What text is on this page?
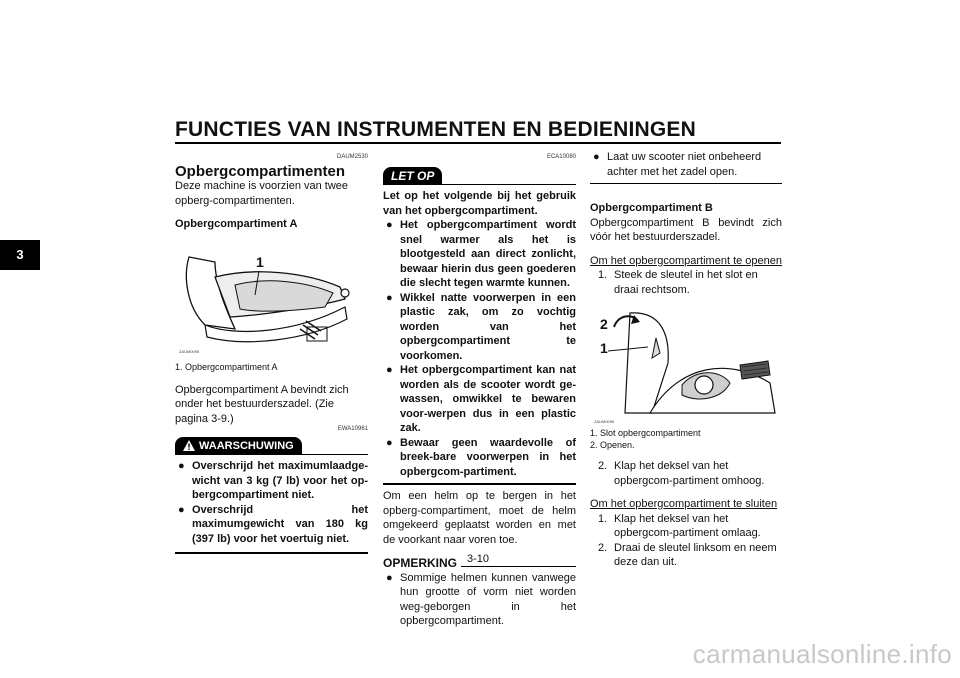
FUNCTIES VAN INSTRUMENTEN EN BEDIENINGEN
3
DAUM2530
Opbergcompartimenten
Deze machine is voorzien van twee opberg-compartimenten.
Opbergcompartiment A
1
ZAUM0095
1. Opbergcompartiment A
Opbergcompartiment A bevindt zich onder het bestuurderszadel. (Zie pagina 3-9.)
EWA10961
WAARSCHUWING
● Overschrijd het maximumlaadge-wicht van 3 kg (7 lb) voor het op-bergcompartiment niet.
● Overschrijd het maximumgewicht van 180 kg (397 lb) voor het voertuig niet.
ECA10080
LET OP
Let op het volgende bij het gebruik van het opbergcompartiment.
● Het opbergcompartiment wordt snel warmer als het is blootgesteld aan direct zonlicht, bewaar hierin dus geen goederen die slecht tegen warmte kunnen.
● Wikkel natte voorwerpen in een plastic zak, om zo vochtig worden van het opbergcompartiment te voorkomen.
● Het opbergcompartiment kan nat worden als de scooter wordt ge-wassen, omwikkel te bewaren voor-werpen dus in een plastic zak.
● Bewaar geen waardevolle of breek-bare voorwerpen in het opbergcom-partiment.
Om een helm op te bergen in het opberg-compartiment, moet de helm omgekeerd geplaatst worden en met de voorkant naar voren toe.
OPMERKING
● Sommige helmen kunnen vanwege hun grootte of vorm niet worden weg-geborgen in het opbergcompartiment.
3-10
● Laat uw scooter niet onbeheerd achter met het zadel open.
Opbergcompartiment B
Opbergcompartiment B bevindt zich vóór het bestuurderszadel.
Om het opbergcompartiment te openen
1. Steek de sleutel in het slot en draai rechtsom.
2
1
ZAUM0096
1. Slot opbergcompartiment
2. Openen.
2. Klap het deksel van het opbergcom-partiment omhoog.
Om het opbergcompartiment te sluiten
1. Klap het deksel van het opbergcom-partiment omlaag.
2. Draai de sleutel linksom en neem deze dan uit.
carmanualsonline.info
